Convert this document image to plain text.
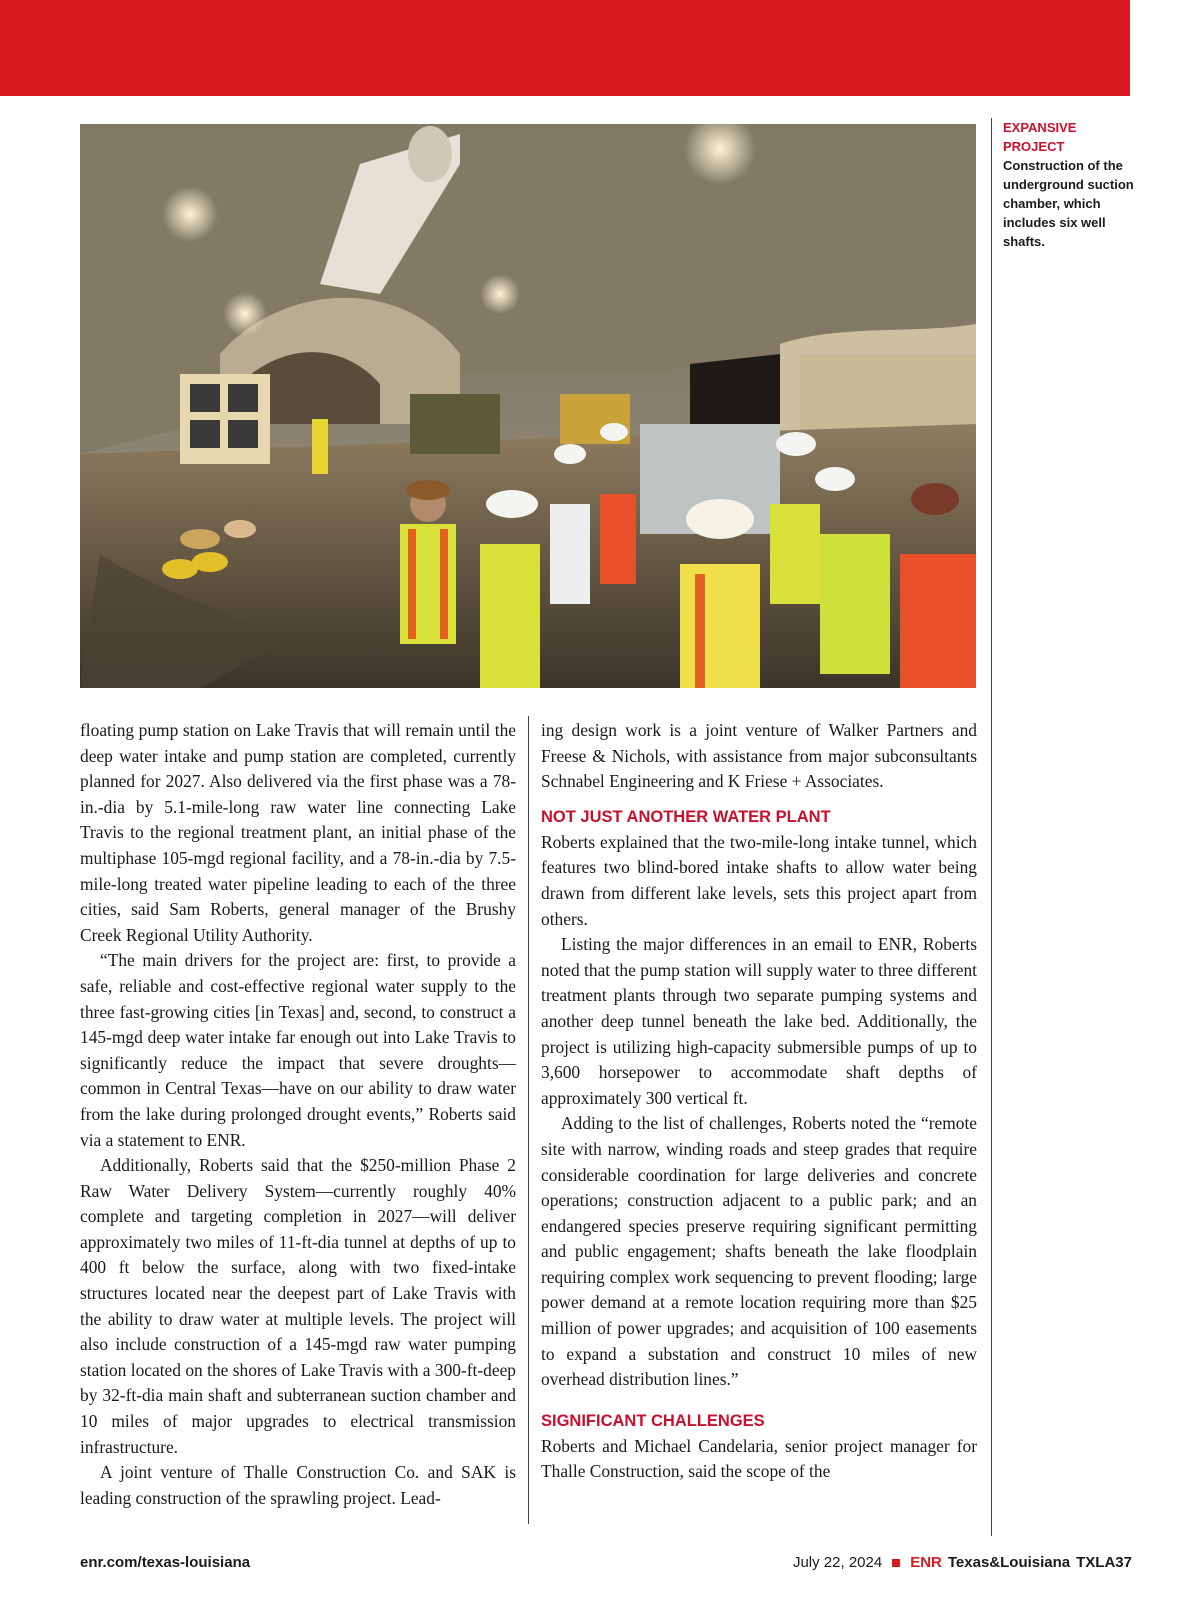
EXPANSIVE PROJECT
Construction of the underground suction chamber, which includes six well shafts.

floating pump station on Lake Travis that will remain until the deep water intake and pump station are completed, currently planned for 2027. Also delivered via the first phase was a 78-in.-dia by 5.1-mile-long raw water line connecting Lake Travis to the regional treatment plant, an initial phase of the multiphase 105-mgd regional facility, and a 78-in.-dia by 7.5-mile-long treated water pipeline leading to each of the three cities, said Sam Roberts, general manager of the Brushy Creek Regional Utility Authority.

“The main drivers for the project are: first, to provide a safe, reliable and cost-effective regional water supply to the three fast-growing cities [in Texas] and, second, to construct a 145-mgd deep water intake far enough out into Lake Travis to significantly reduce the impact that severe droughts—common in Central Texas—have on our ability to draw water from the lake during prolonged drought events,” Roberts said via a statement to ENR.

Additionally, Roberts said that the $250-million Phase 2 Raw Water Delivery System—currently roughly 40% complete and targeting completion in 2027—will deliver approximately two miles of 11-ft-dia tunnel at depths of up to 400 ft below the surface, along with two fixed-intake structures located near the deepest part of Lake Travis with the ability to draw water at multiple levels. The project will also include construction of a 145-mgd raw water pumping station located on the shores of Lake Travis with a 300-ft-deep by 32-ft-dia main shaft and subterranean suction chamber and 10 miles of major upgrades to electrical transmission infrastructure.

A joint venture of Thalle Construction Co. and SAK is leading construction of the sprawling project. Lead-

ing design work is a joint venture of Walker Partners and Freese & Nichols, with assistance from major subconsultants Schnabel Engineering and K Friese + Associates.

NOT JUST ANOTHER WATER PLANT

Roberts explained that the two-mile-long intake tunnel, which features two blind-bored intake shafts to allow water being drawn from different lake levels, sets this project apart from others.

Listing the major differences in an email to ENR, Roberts noted that the pump station will supply water to three different treatment plants through two separate pumping systems and another deep tunnel beneath the lake bed. Additionally, the project is utilizing high-capacity submersible pumps of up to 3,600 horsepower to accommodate shaft depths of approximately 300 vertical ft.

Adding to the list of challenges, Roberts noted the “remote site with narrow, winding roads and steep grades that require considerable coordination for large deliveries and concrete operations; construction adjacent to a public park; and an endangered species preserve requiring significant permitting and public engagement; shafts beneath the lake floodplain requiring complex work sequencing to prevent flooding; large power demand at a remote location requiring more than $25 million of power upgrades; and acquisition of 100 easements to expand a substation and construct 10 miles of new overhead distribution lines.”

SIGNIFICANT CHALLENGES

Roberts and Michael Candelaria, senior project manager for Thalle Construction, said the scope of the

enr.com/texas-louisiana	July 22, 2024 ENR Texas&Louisiana TXLA37
